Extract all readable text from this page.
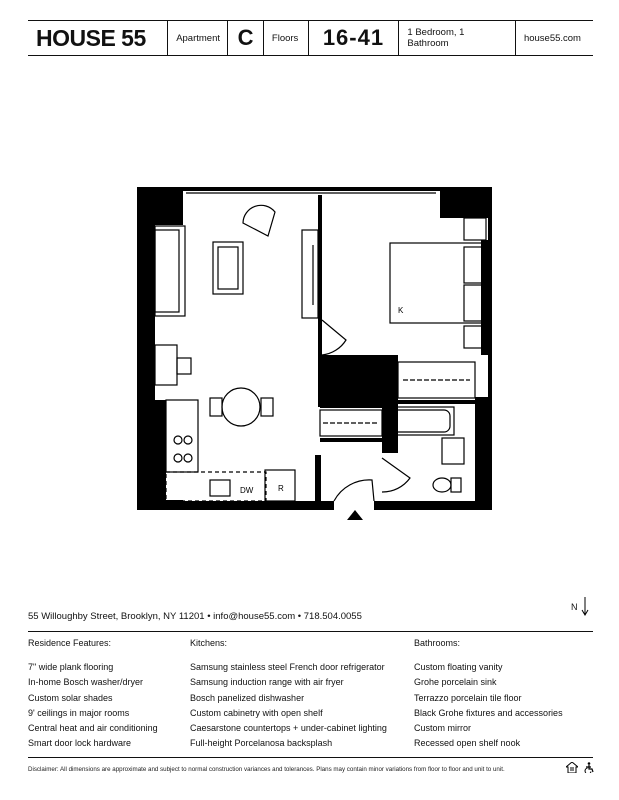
HOUSE 55	Apartment C	Floors	16-41	1 Bedroom, 1 Bathroom	house55.com
K
W/D
DW	R
N
55 Willoughby Street, Brooklyn, NY 11201 • info@house55.com • 718.504.0055
Residence Features:
7" wide plank flooring
In-home Bosch washer/dryer
Custom solar shades
9' ceilings in major rooms
Central heat and air conditioning
Smart door lock hardware
Kitchens:
Samsung stainless steel French door refrigerator
Samsung induction range with air fryer
Bosch panelized dishwasher
Custom cabinetry with open shelf
Caesarstone countertops + under-cabinet lighting
Full-height Porcelanosa backsplash
Bathrooms:
Custom floating vanity
Grohe porcelain sink
Terrazzo porcelain tile floor
Black Grohe fixtures and accessories
Custom mirror
Recessed open shelf nook
Disclaimer: All dimensions are approximate and subject to normal construction variances and tolerances. Plans may contain minor variations from floor to floor and unit to unit.
